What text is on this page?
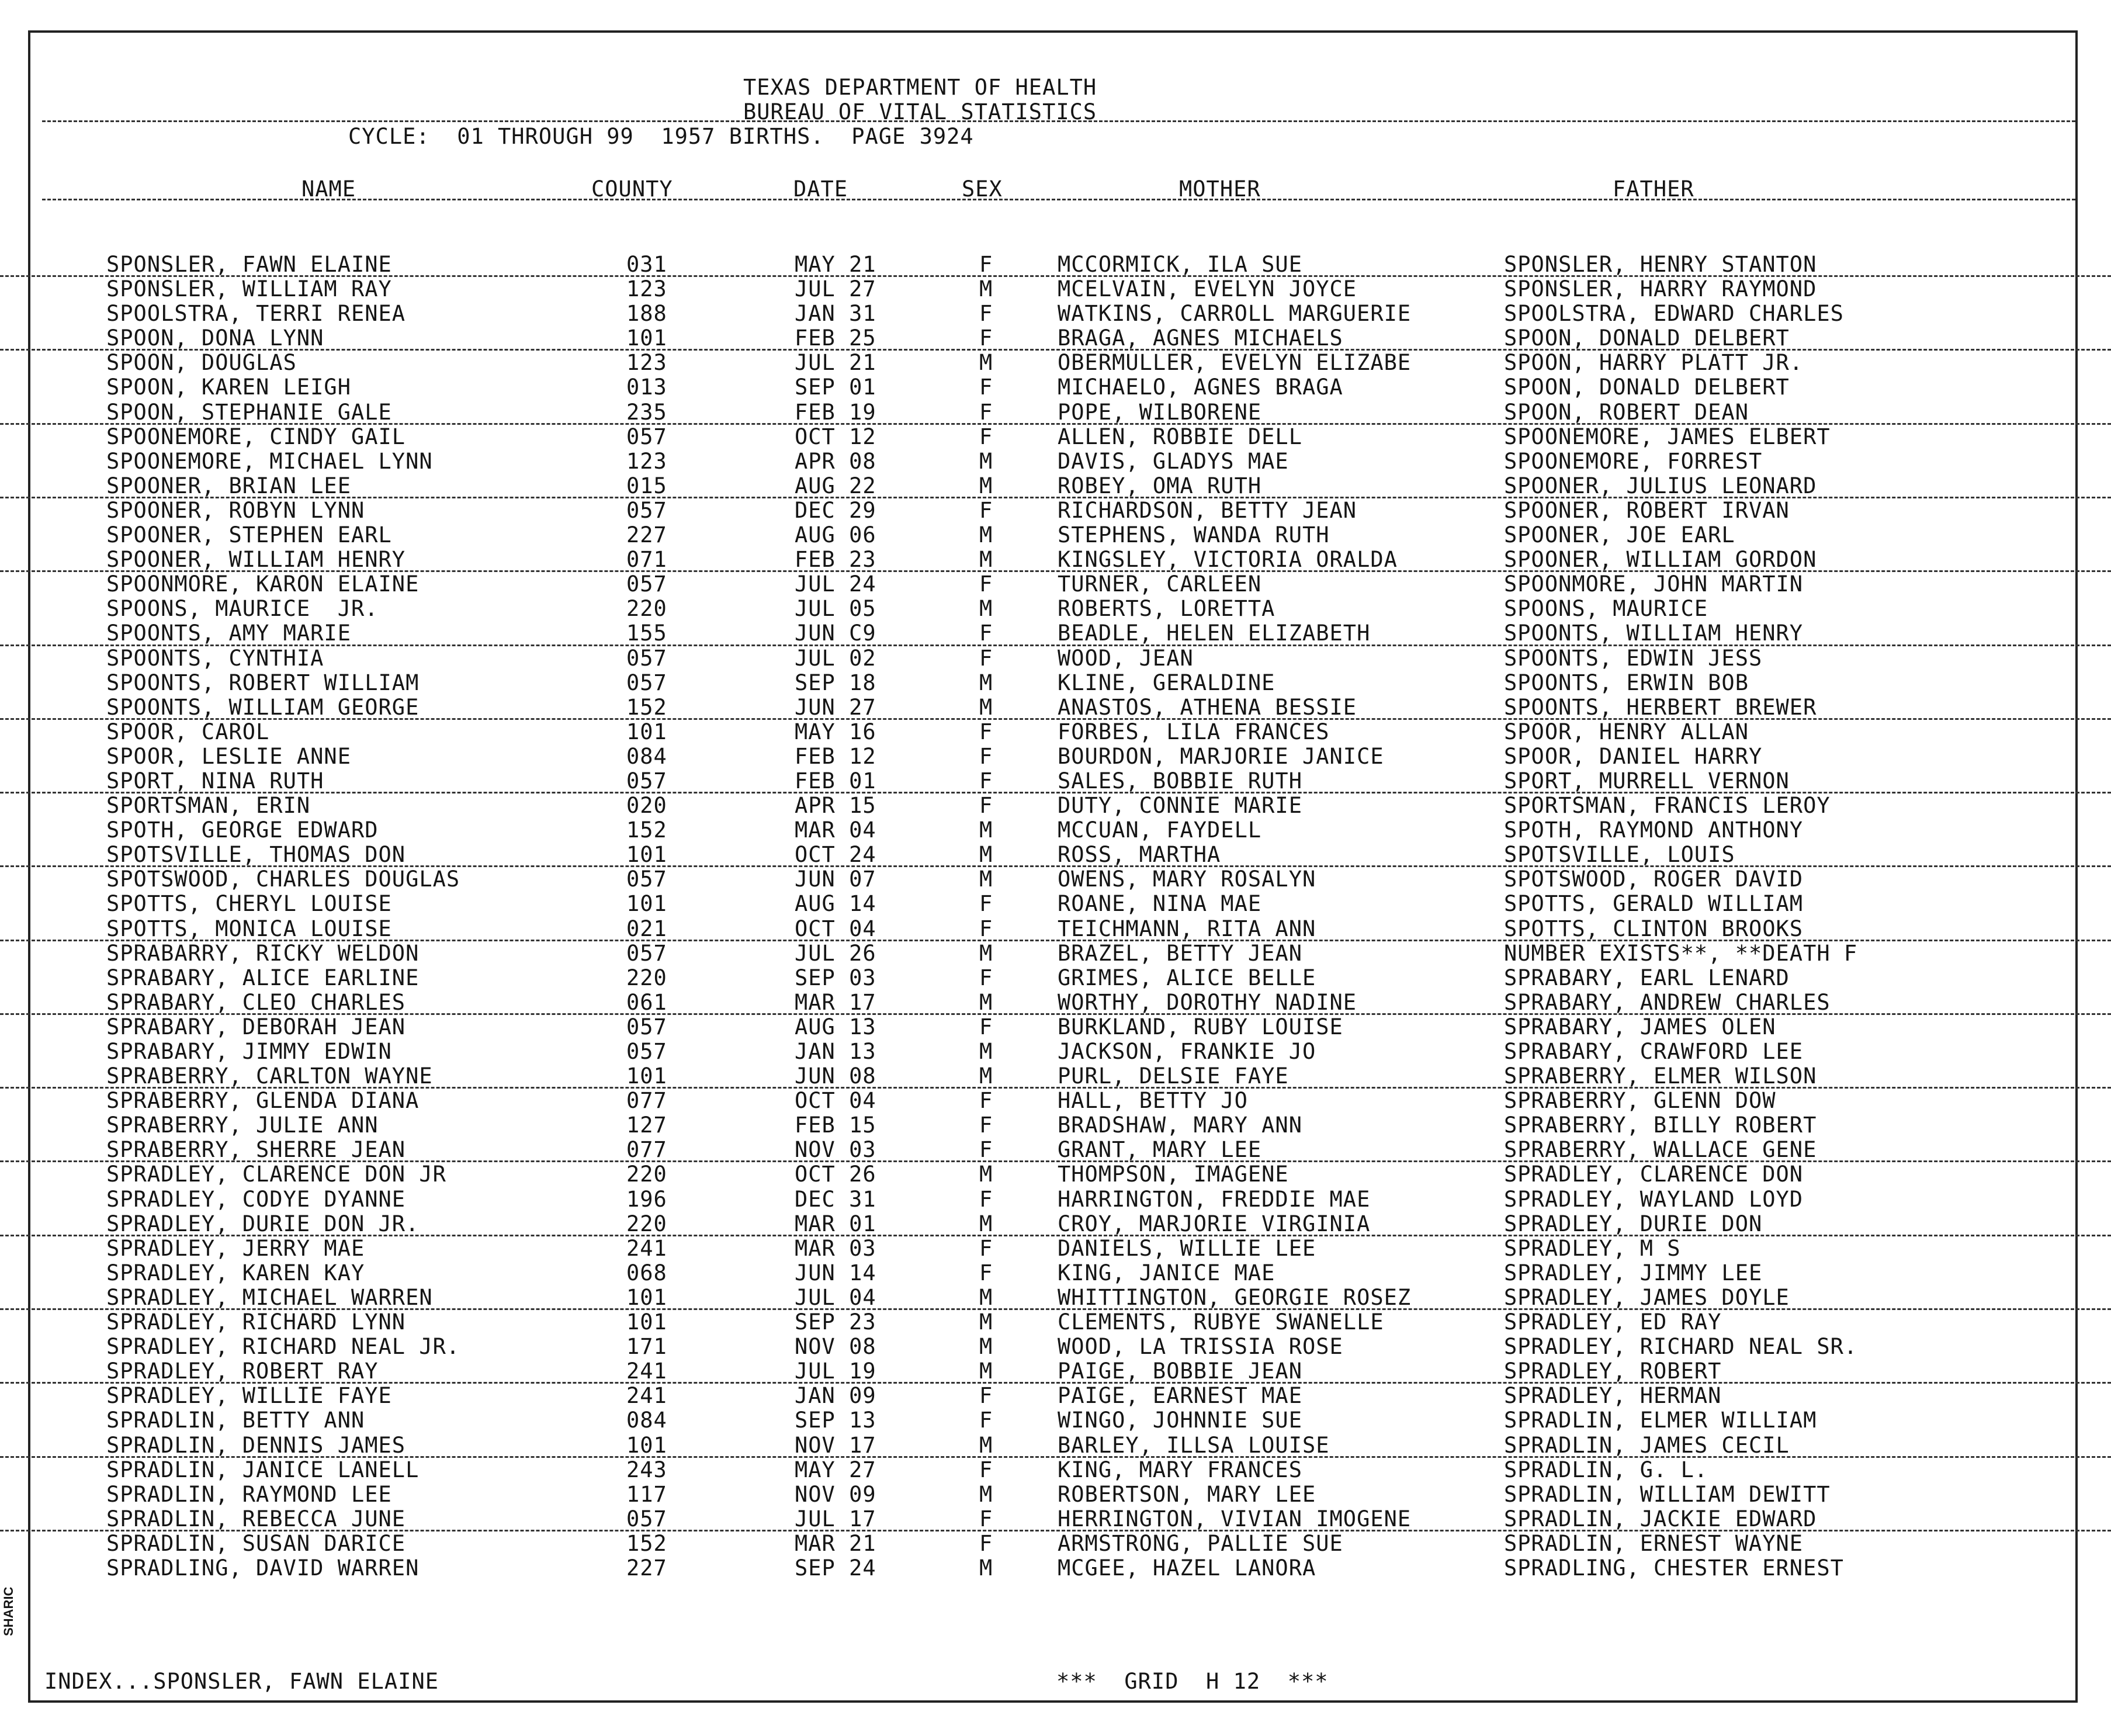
TEXAS DEPARTMENT OF HEALTH
BUREAU OF VITAL STATISTICS
CYCLE:  01 THROUGH 99  1957 BIRTHS.  PAGE 3924
NAME	COUNTY	DATE	SEX	MOTHER	FATHER
SPONSLER, FAWN ELAINE	031	MAY 21	F	MCCORMICK, ILA SUE	SPONSLER, HENRY STANTON
SPONSLER, WILLIAM RAY	123	JUL 27	M	MCELVAIN, EVELYN JOYCE	SPONSLER, HARRY RAYMOND
SPOOLSTRA, TERRI RENEA	188	JAN 31	F	WATKINS, CARROLL MARGUERIE	SPOOLSTRA, EDWARD CHARLES
SPOON, DONA LYNN	101	FEB 25	F	BRAGA, AGNES MICHAELS	SPOON, DONALD DELBERT
SPOON, DOUGLAS	123	JUL 21	M	OBERMULLER, EVELYN ELIZABE	SPOON, HARRY PLATT JR.
SPOON, KAREN LEIGH	013	SEP 01	F	MICHAELO, AGNES BRAGA	SPOON, DONALD DELBERT
SPOON, STEPHANIE GALE	235	FEB 19	F	POPE, WILBORENE	SPOON, ROBERT DEAN
SPOONEMORE, CINDY GAIL	057	OCT 12	F	ALLEN, ROBBIE DELL	SPOONEMORE, JAMES ELBERT
SPOONEMORE, MICHAEL LYNN	123	APR 08	M	DAVIS, GLADYS MAE	SPOONEMORE, FORREST
SPOONER, BRIAN LEE	015	AUG 22	M	ROBEY, OMA RUTH	SPOONER, JULIUS LEONARD
SPOONER, ROBYN LYNN	057	DEC 29	F	RICHARDSON, BETTY JEAN	SPOONER, ROBERT IRVAN
SPOONER, STEPHEN EARL	227	AUG 06	M	STEPHENS, WANDA RUTH	SPOONER, JOE EARL
SPOONER, WILLIAM HENRY	071	FEB 23	M	KINGSLEY, VICTORIA ORALDA	SPOONER, WILLIAM GORDON
SPOONMORE, KARON ELAINE	057	JUL 24	F	TURNER, CARLEEN	SPOONMORE, JOHN MARTIN
SPOONS, MAURICE  JR.	220	JUL 05	M	ROBERTS, LORETTA	SPOONS, MAURICE
SPOONTS, AMY MARIE	155	JUN C9	F	BEADLE, HELEN ELIZABETH	SPOONTS, WILLIAM HENRY
SPOONTS, CYNTHIA	057	JUL 02	F	WOOD, JEAN	SPOONTS, EDWIN JESS
SPOONTS, ROBERT WILLIAM	057	SEP 18	M	KLINE, GERALDINE	SPOONTS, ERWIN BOB
SPOONTS, WILLIAM GEORGE	152	JUN 27	M	ANASTOS, ATHENA BESSIE	SPOONTS, HERBERT BREWER
SPOOR, CAROL	101	MAY 16	F	FORBES, LILA FRANCES	SPOOR, HENRY ALLAN
SPOOR, LESLIE ANNE	084	FEB 12	F	BOURDON, MARJORIE JANICE	SPOOR, DANIEL HARRY
SPORT, NINA RUTH	057	FEB 01	F	SALES, BOBBIE RUTH	SPORT, MURRELL VERNON
SPORTSMAN, ERIN	020	APR 15	F	DUTY, CONNIE MARIE	SPORTSMAN, FRANCIS LEROY
SPOTH, GEORGE EDWARD	152	MAR 04	M	MCCUAN, FAYDELL	SPOTH, RAYMOND ANTHONY
SPOTSVILLE, THOMAS DON	101	OCT 24	M	ROSS, MARTHA	SPOTSVILLE, LOUIS
SPOTSWOOD, CHARLES DOUGLAS	057	JUN 07	M	OWENS, MARY ROSALYN	SPOTSWOOD, ROGER DAVID
SPOTTS, CHERYL LOUISE	101	AUG 14	F	ROANE, NINA MAE	SPOTTS, GERALD WILLIAM
SPOTTS, MONICA LOUISE	021	OCT 04	F	TEICHMANN, RITA ANN	SPOTTS, CLINTON BROOKS
SPRABARRY, RICKY WELDON	057	JUL 26	M	BRAZEL, BETTY JEAN	NUMBER EXISTS**, **DEATH F
SPRABARY, ALICE EARLINE	220	SEP 03	F	GRIMES, ALICE BELLE	SPRABARY, EARL LENARD
SPRABARY, CLEO CHARLES	061	MAR 17	M	WORTHY, DOROTHY NADINE	SPRABARY, ANDREW CHARLES
SPRABARY, DEBORAH JEAN	057	AUG 13	F	BURKLAND, RUBY LOUISE	SPRABARY, JAMES OLEN
SPRABARY, JIMMY EDWIN	057	JAN 13	M	JACKSON, FRANKIE JO	SPRABARY, CRAWFORD LEE
SPRABERRY, CARLTON WAYNE	101	JUN 08	M	PURL, DELSIE FAYE	SPRABERRY, ELMER WILSON
SPRABERRY, GLENDA DIANA	077	OCT 04	F	HALL, BETTY JO	SPRABERRY, GLENN DOW
SPRABERRY, JULIE ANN	127	FEB 15	F	BRADSHAW, MARY ANN	SPRABERRY, BILLY ROBERT
SPRABERRY, SHERRE JEAN	077	NOV 03	F	GRANT, MARY LEE	SPRABERRY, WALLACE GENE
SPRADLEY, CLARENCE DON JR	220	OCT 26	M	THOMPSON, IMAGENE	SPRADLEY, CLARENCE DON
SPRADLEY, CODYE DYANNE	196	DEC 31	F	HARRINGTON, FREDDIE MAE	SPRADLEY, WAYLAND LOYD
SPRADLEY, DURIE DON JR.	220	MAR 01	M	CROY, MARJORIE VIRGINIA	SPRADLEY, DURIE DON
SPRADLEY, JERRY MAE	241	MAR 03	F	DANIELS, WILLIE LEE	SPRADLEY, M S
SPRADLEY, KAREN KAY	068	JUN 14	F	KING, JANICE MAE	SPRADLEY, JIMMY LEE
SPRADLEY, MICHAEL WARREN	101	JUL 04	M	WHITTINGTON, GEORGIE ROSEZ	SPRADLEY, JAMES DOYLE
SPRADLEY, RICHARD LYNN	101	SEP 23	M	CLEMENTS, RUBYE SWANELLE	SPRADLEY, ED RAY
SPRADLEY, RICHARD NEAL JR.	171	NOV 08	M	WOOD, LA TRISSIA ROSE	SPRADLEY, RICHARD NEAL SR.
SPRADLEY, ROBERT RAY	241	JUL 19	M	PAIGE, BOBBIE JEAN	SPRADLEY, ROBERT
SPRADLEY, WILLIE FAYE	241	JAN 09	F	PAIGE, EARNEST MAE	SPRADLEY, HERMAN
SPRADLIN, BETTY ANN	084	SEP 13	F	WINGO, JOHNNIE SUE	SPRADLIN, ELMER WILLIAM
SPRADLIN, DENNIS JAMES	101	NOV 17	M	BARLEY, ILLSA LOUISE	SPRADLIN, JAMES CECIL
SPRADLIN, JANICE LANELL	243	MAY 27	F	KING, MARY FRANCES	SPRADLIN, G. L.
SPRADLIN, RAYMOND LEE	117	NOV 09	M	ROBERTSON, MARY LEE	SPRADLIN, WILLIAM DEWITT
SPRADLIN, REBECCA JUNE	057	JUL 17	F	HERRINGTON, VIVIAN IMOGENE	SPRADLIN, JACKIE EDWARD
SPRADLIN, SUSAN DARICE	152	MAR 21	F	ARMSTRONG, PALLIE SUE	SPRADLIN, ERNEST WAYNE
SPRADLING, DAVID WARREN	227	SEP 24	M	MCGEE, HAZEL LANORA	SPRADLING, CHESTER ERNEST
INDEX...SPONSLER, FAWN ELAINE	***  GRID  H 12  ***
SHARIC
